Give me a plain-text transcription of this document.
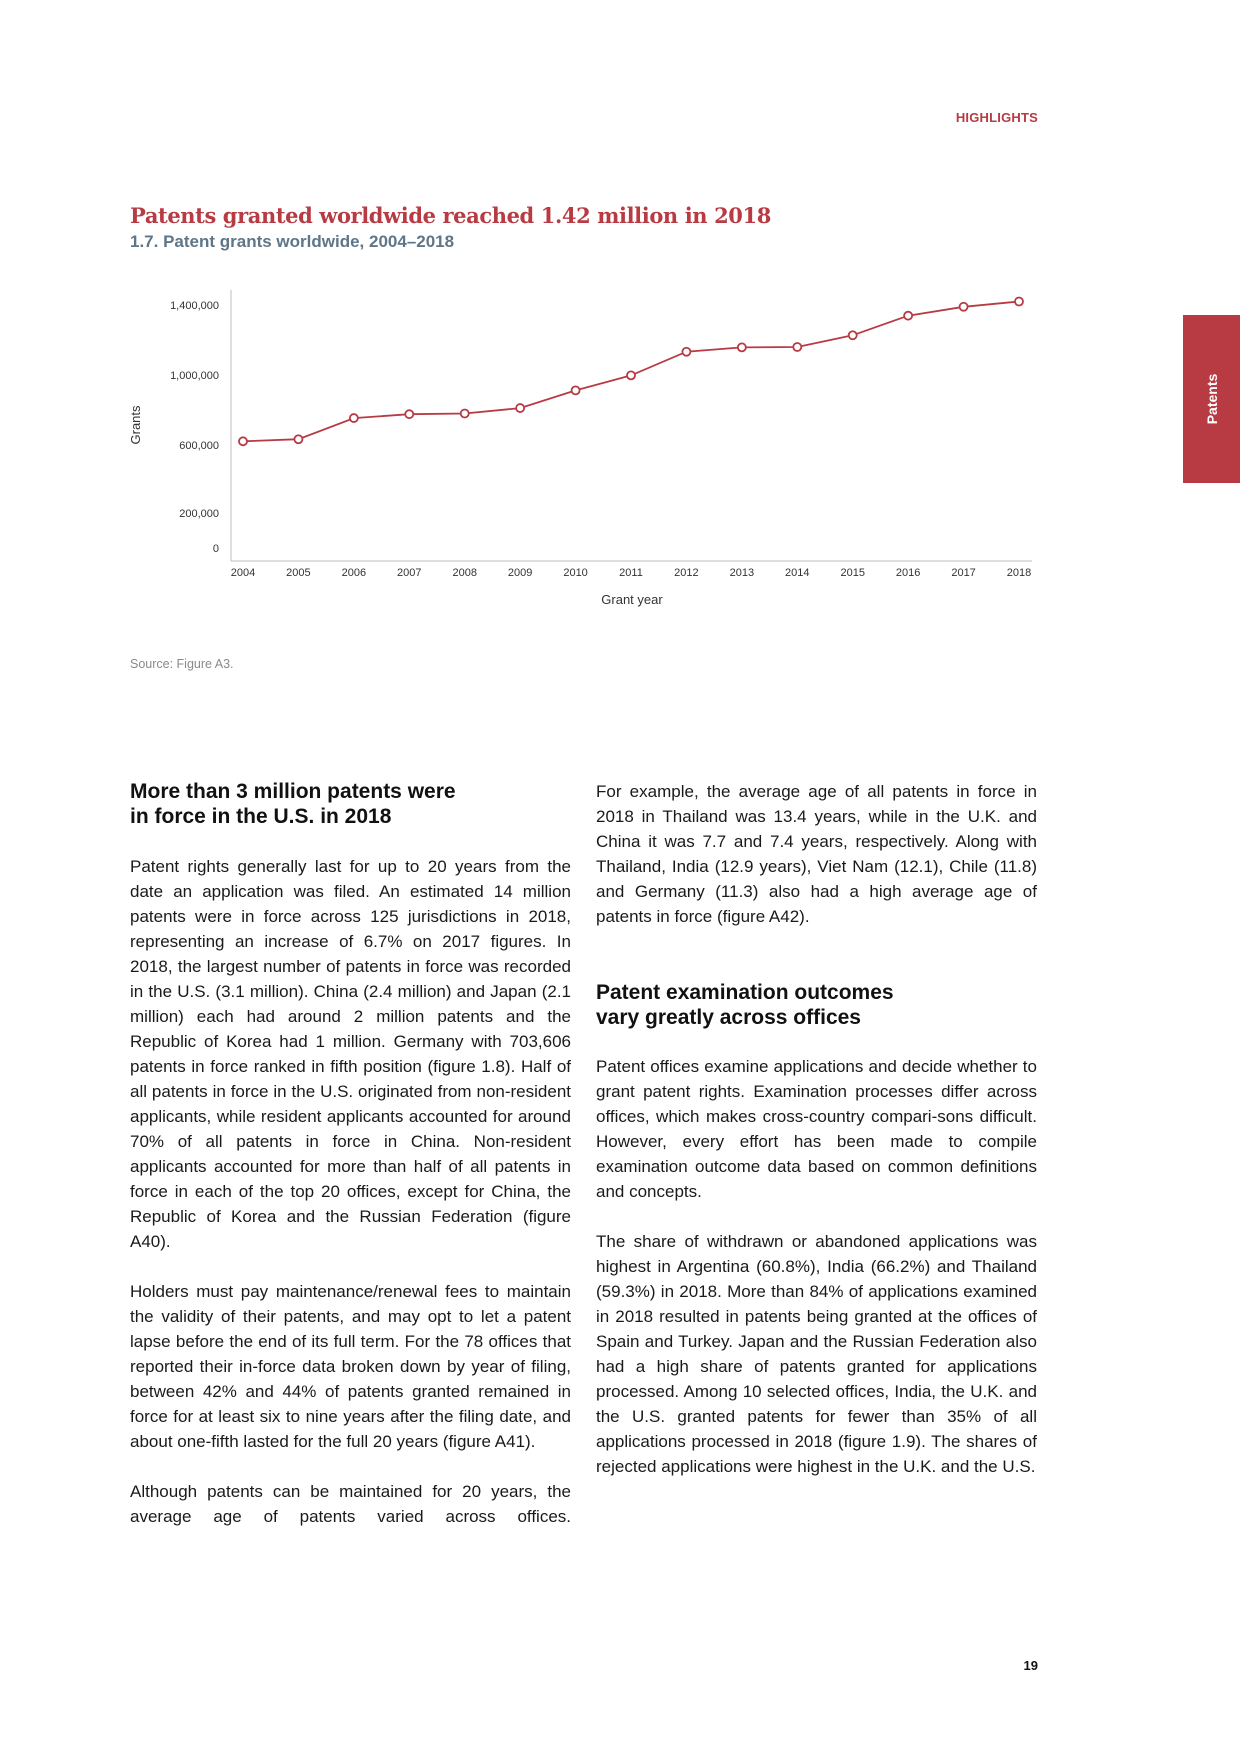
HIGHLIGHTS
Patents
Patents granted worldwide reached 1.42 million in 2018
1.7. Patent grants worldwide, 2004–2018
1,400,000
1,000,000
600,000
200,000
0
2004	2005	2006	2007	2008	2009	2010	2011	2012	2013	2014	2015	2016	2017	2018
Grants
Grant year
Source: Figure A3.
More than 3 million patents were
in force in the U.S. in 2018
Patent rights generally last for up to 20 years from the date an application was filed. An estimated 14 million patents were in force across 125 jurisdictions in 2018, representing an increase of 6.7% on 2017 figures. In 2018, the largest number of patents in force was recorded in the U.S. (3.1 million). China (2.4 million) and Japan (2.1 million) each had around 2 million patents and the Republic of Korea had 1 million. Germany with 703,606 patents in force ranked in fifth position (figure 1.8). Half of all patents in force in the U.S. originated from non-resident applicants, while resident applicants accounted for around 70% of all patents in force in China. Non-resident applicants accounted for more than half of all patents in force in each of the top 20 offices, except for China, the Republic of Korea and the Russian Federation (figure A40).
Holders must pay maintenance/renewal fees to maintain the validity of their patents, and may opt to let a patent lapse before the end of its full term. For the 78 offices that reported their in-force data broken down by year of filing, between 42% and 44% of patents granted remained in force for at least six to nine years after the filing date, and about one-fifth lasted for the full 20 years (figure A41).
Although patents can be maintained for 20 years, the average age of patents varied across offices.
For example, the average age of all patents in force in 2018 in Thailand was 13.4 years, while in the U.K. and China it was 7.7 and 7.4 years, respectively. Along with Thailand, India (12.9 years), Viet Nam (12.1), Chile (11.8) and Germany (11.3) also had a high average age of patents in force (figure A42).
Patent examination outcomes
vary greatly across offices
Patent offices examine applications and decide whether to grant patent rights. Examination processes differ across offices, which makes cross-country compari-sons difficult. However, every effort has been made to compile examination outcome data based on common definitions and concepts.
The share of withdrawn or abandoned applications was highest in Argentina (60.8%), India (66.2%) and Thailand (59.3%) in 2018. More than 84% of applications examined in 2018 resulted in patents being granted at the offices of Spain and Turkey. Japan and the Russian Federation also had a high share of patents granted for applications processed. Among 10 selected offices, India, the U.K. and the U.S. granted patents for fewer than 35% of all applications processed in 2018 (figure 1.9). The shares of rejected applications were highest in the U.K. and the U.S.
19
